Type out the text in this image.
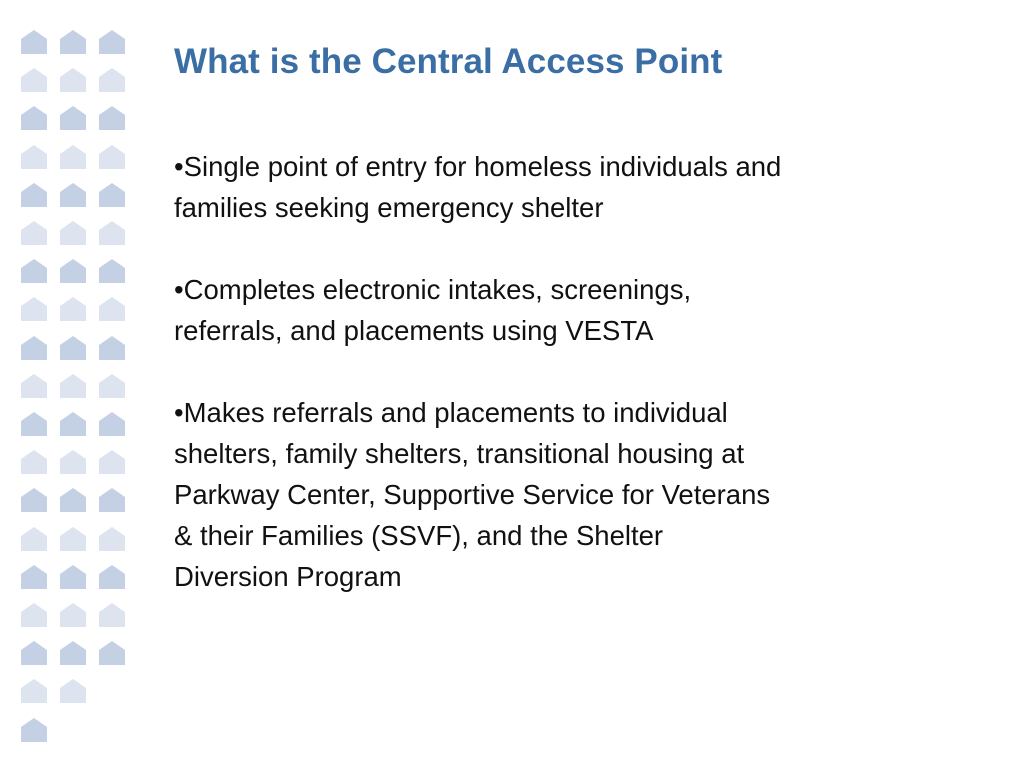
What is the Central Access Point
•Single point of entry for homeless individuals and
families seeking emergency shelter
•Completes electronic intakes, screenings,
referrals, and placements using VESTA
•Makes referrals and placements to individual
shelters, family shelters, transitional housing at
Parkway Center, Supportive Service for Veterans
& their Families (SSVF), and the Shelter
Diversion Program
